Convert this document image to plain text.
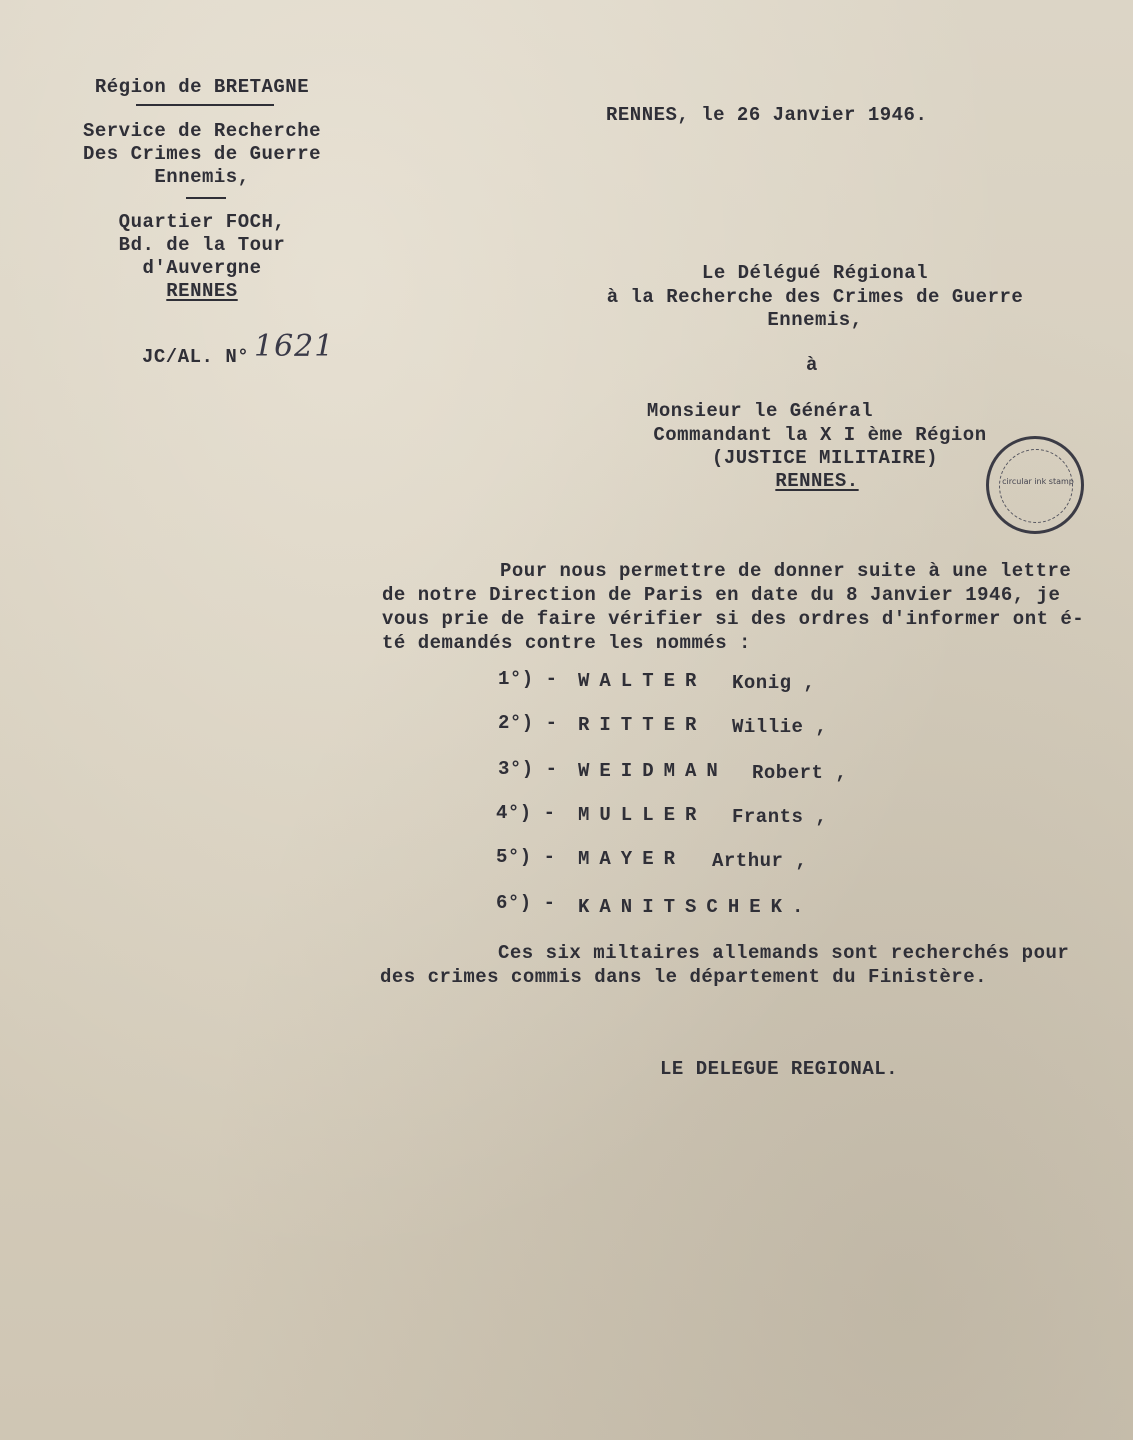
Région de BRETAGNE
Service de Recherche
Des Crimes de Guerre
Ennemis,
Quartier FOCH,
Bd. de la Tour
d'Auvergne
RENNES
JC/AL. N° 1621
RENNES, le 26 Janvier 1946.
Le Délégué Régional
à la Recherche des Crimes de Guerre
Ennemis,
à
Monsieur le Général
Commandant la X I ème Région
(JUSTICE MILITAIRE)
RENNES.	circular ink stamp
Pour nous permettre de donner suite à une lettre
de notre Direction de Paris en date du 8 Janvier 1946, je
vous prie de faire vérifier si des ordres d'informer ont é-
té demandés contre les nommés :
1°) - WALTER Konig ,
2°) - RITTER Willie ,
3°) - WEIDMAN Robert ,
4°) - MULLER Frants ,
5°) - MAYER Arthur ,
6°) - KANITSCHEK.
Ces six miltaires allemands sont recherchés pour
des crimes commis dans le département du Finistère.
LE DELEGUE REGIONAL.
